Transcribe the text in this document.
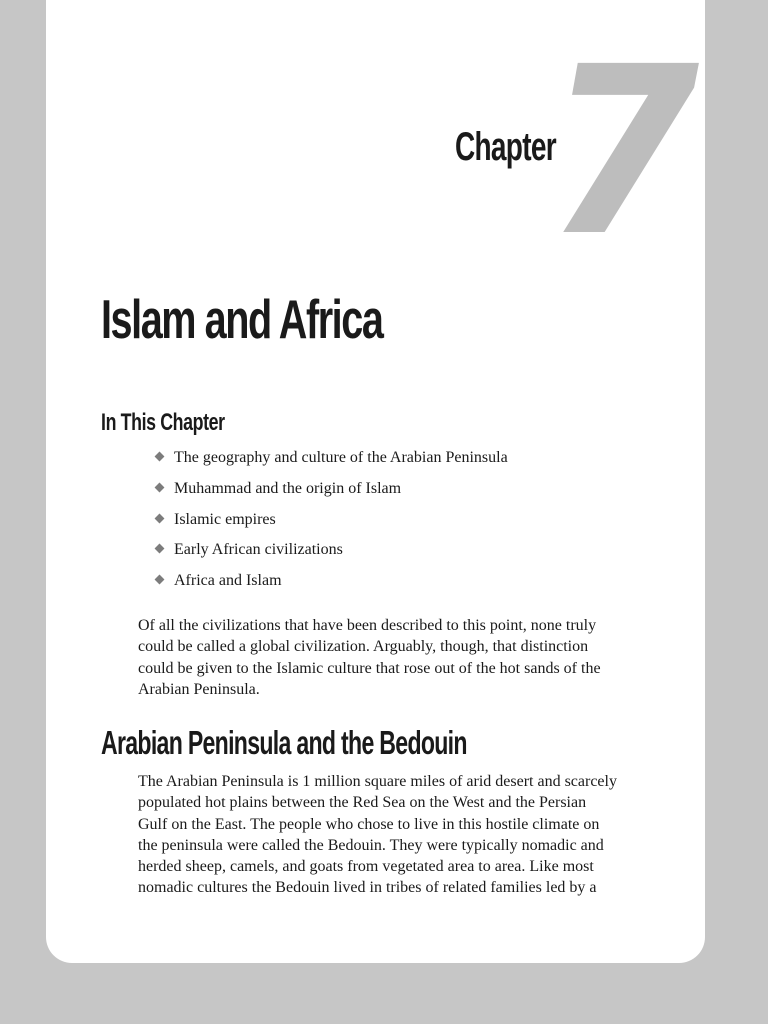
7
Chapter
Islam and Africa
In This Chapter
The geography and culture of the Arabian Peninsula
Muhammad and the origin of Islam
Islamic empires
Early African civilizations
Africa and Islam

Of all the civilizations that have been described to this point, none truly
could be called a global civilization. Arguably, though, that distinction
could be given to the Islamic culture that rose out of the hot sands of the
Arabian Peninsula.

Arabian Peninsula and the Bedouin

The Arabian Peninsula is 1 million square miles of arid desert and scarcely
populated hot plains between the Red Sea on the West and the Persian
Gulf on the East. The people who chose to live in this hostile climate on
the peninsula were called the Bedouin. They were typically nomadic and
herded sheep, camels, and goats from vegetated area to area. Like most
nomadic cultures the Bedouin lived in tribes of related families led by a
